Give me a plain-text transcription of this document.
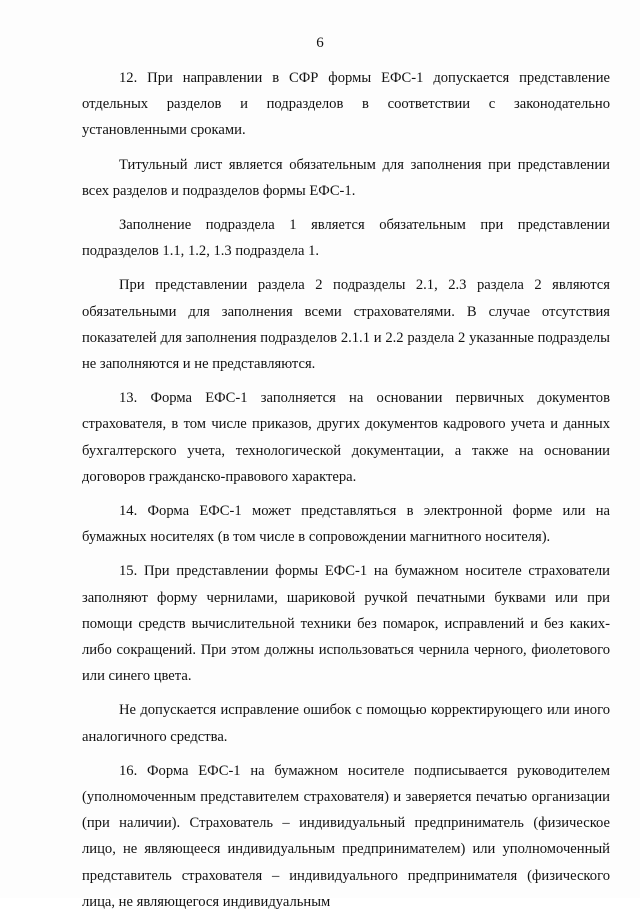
6

12. При направлении в СФР формы ЕФС-1 допускается представление отдельных разделов и подразделов в соответствии с законодательно установленными сроками.

Титульный лист является обязательным для заполнения при представлении всех разделов и подразделов формы ЕФС-1.

Заполнение подраздела 1 является обязательным при представлении подразделов 1.1, 1.2, 1.3 подраздела 1.

При представлении раздела 2 подразделы 2.1, 2.3 раздела 2 являются обязательными для заполнения всеми страхователями. В случае отсутствия показателей для заполнения подразделов 2.1.1 и 2.2 раздела 2 указанные подразделы не заполняются и не представляются.

13. Форма ЕФС-1 заполняется на основании первичных документов страхователя, в том числе приказов, других документов кадрового учета и данных бухгалтерского учета, технологической документации, а также на основании договоров гражданско-правового характера.

14. Форма ЕФС-1 может представляться в электронной форме или на бумажных носителях (в том числе в сопровождении магнитного носителя).

15. При представлении формы ЕФС-1 на бумажном носителе страхователи заполняют форму чернилами, шариковой ручкой печатными буквами или при помощи средств вычислительной техники без помарок, исправлений и без каких-либо сокращений. При этом должны использоваться чернила черного, фиолетового или синего цвета.

Не допускается исправление ошибок с помощью корректирующего или иного аналогичного средства.

16. Форма ЕФС-1 на бумажном носителе подписывается руководителем (уполномоченным представителем страхователя) и заверяется печатью организации (при наличии). Страхователь – индивидуальный предприниматель (физическое лицо, не являющееся индивидуальным предпринимателем) или уполномоченный представитель страхователя – индивидуального предпринимателя (физического лица, не являющегося индивидуальным
